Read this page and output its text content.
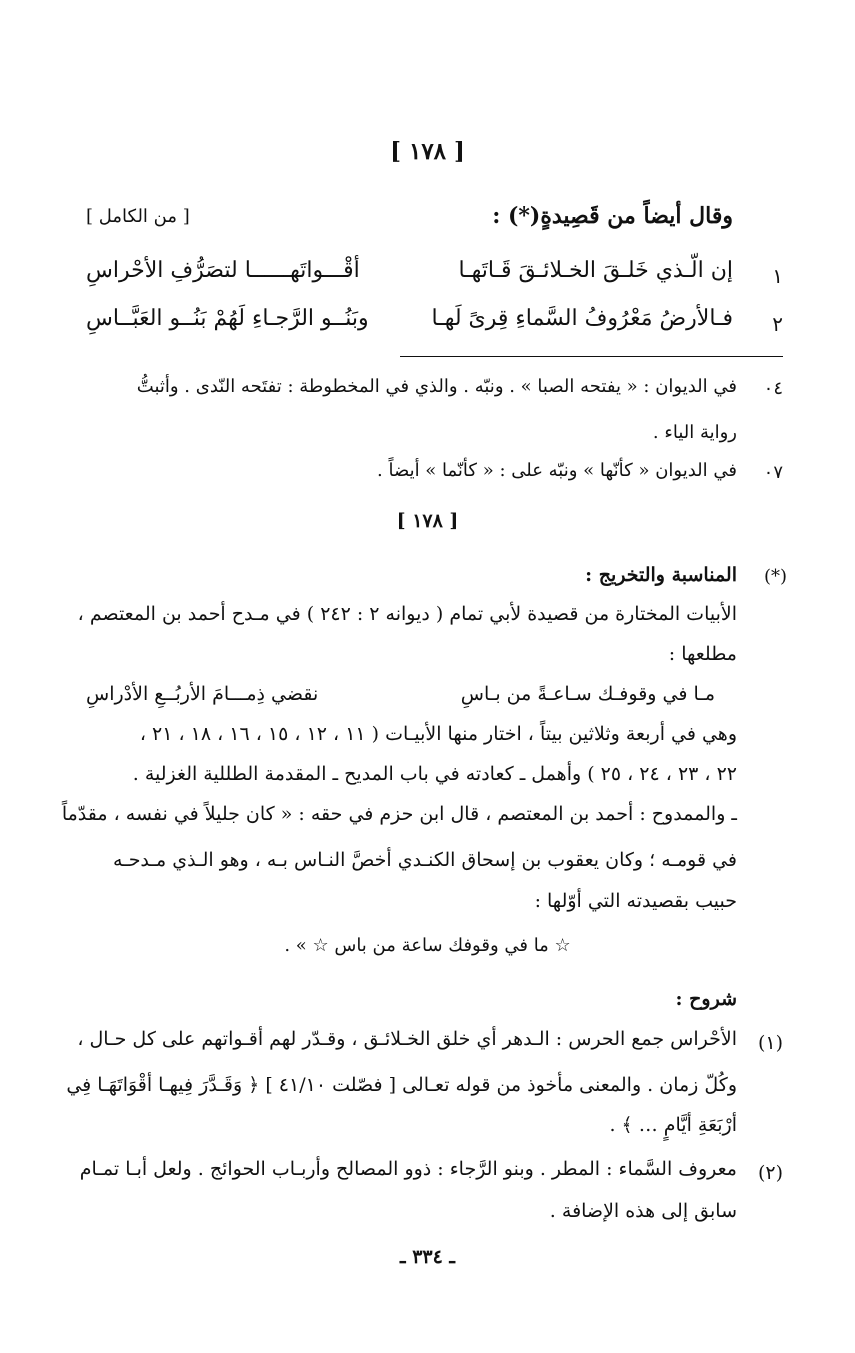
[ ١٧٨ ]
وقال أيضاً من قَصِيدةٍ(*) :
[ من الكامل ]
١
إن الّـذي خَلـقَ الخـلائـقَ قَـاتَهـا
أقْـــواتَهــــــا لتصَرُّفِ الأحْراسِ
٢
فـالأرضُ مَعْرُوفُ السَّماءِ قِرىً لَهـا
وبَنُــو الرَّجـاءِ لَهُمْ بَنُــو العَبَّــاسِ
٠٤
في الديوان : « يفتحه الصبا » . ونبّه . والذي في المخطوطة : تفتَحه النّدى . وأثبتُّ
رواية الياء .
٠٧
في الديوان « كأنّها » ونبّه على : « كأنّما » أيضاً .
[ ١٧٨ ]
(*)
المناسبة والتخريج :
الأبيات المختارة من قصيدة لأبي تمام ( ديوانه ٢ : ٢٤٢ ) في مـدح أحمد بن المعتصم ،
مطلعها :
مـا في وقوفـك سـاعـةً من بـاسِ
نقضي ذِمـــامَ الأربُــعِ الأدْراسِ
وهي في أربعة وثلاثين بيتاً ، اختار منها الأبيـات ( ١١ ، ١٢ ، ١٥ ، ١٦ ، ١٨ ، ٢١ ،
٢٢ ، ٢٣ ، ٢٤ ، ٢٥ ) وأهمل ـ كعادته في باب المديح ـ المقدمة الطللية الغزلية .
ـ والممدوح : أحمد بن المعتصم ، قال ابن حزم في حقه : « كان جليلاً في نفسه ، مقدّماً
في قومـه ؛ وكان يعقوب بن إسحاق الكنـدي أخصَّ النـاس بـه ، وهو الـذي مـدحـه
حبيب بقصيدته التي أوّلها :
☆ ما في وقوفك ساعة من باس ☆ » .
شروح :
(١)
الأحْراس جمع الحرس : الـدهر أي خلق الخـلائـق ، وقـدّر لهم أقـواتهم على كل حـال ،
وكُلّ زمان . والمعنى مأخوذ من قوله تعـالى [ فصّلت ٤١/١٠ ] ﴿ وَقَـدَّرَ فِيهـا أقْوَاتَهَـا فِي
أرْبَعَةِ أيَّامٍ … ﴾ .
(٢)
معروف السَّماء : المطر . وبنو الرَّجاء : ذوو المصالح وأربـاب الحوائج . ولعل أبـا تمـام
سابق إلى هذه الإضافة .
ـ ٣٣٤ ـ
